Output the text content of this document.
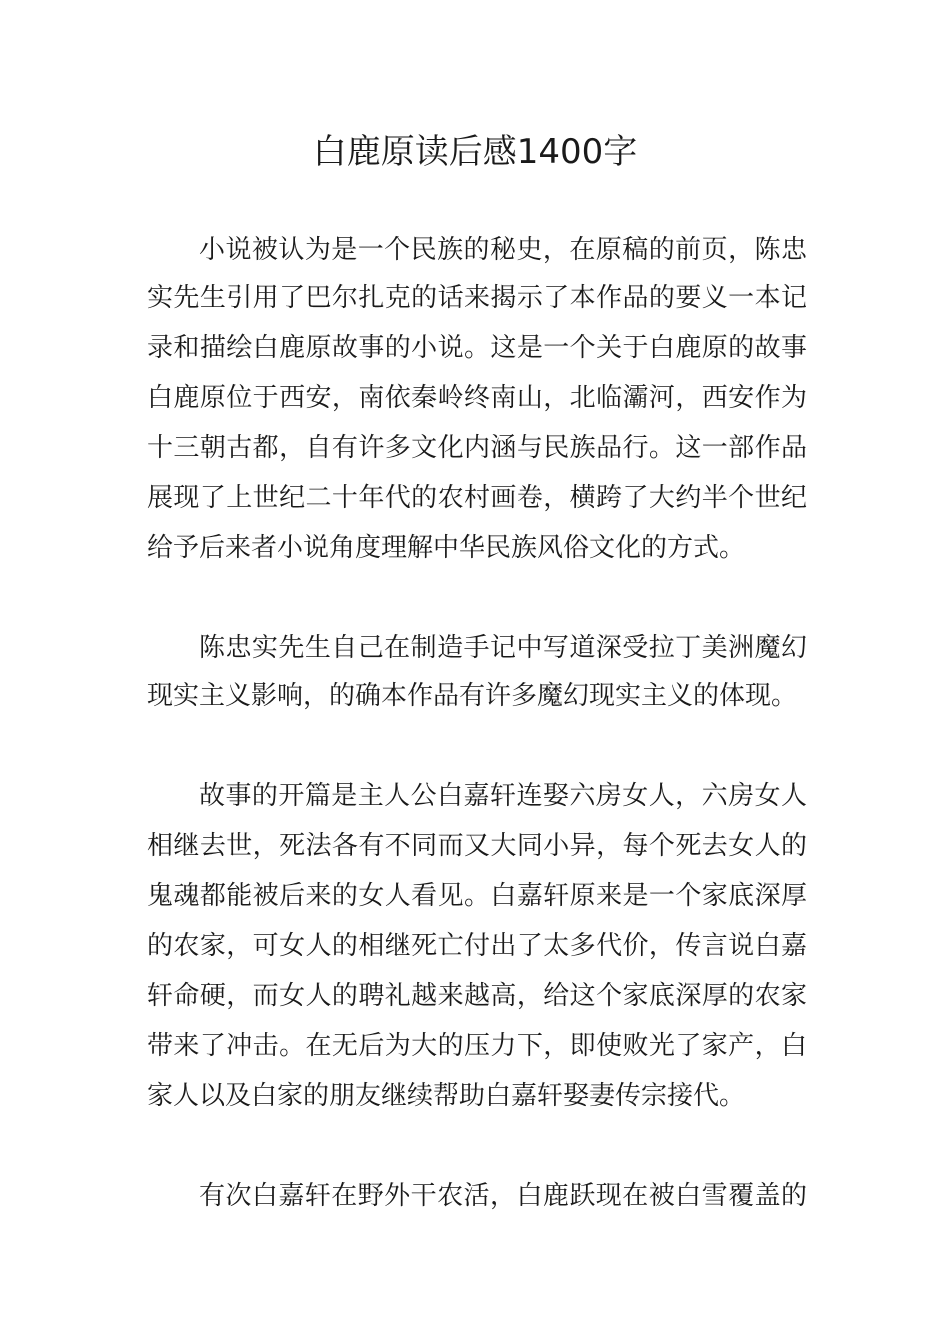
白鹿原读后感1400字

小说被认为是一个民族的秘史，在原稿的前页，陈忠

实先生引用了巴尔扎克的话来揭示了本作品的要义一本记

录和描绘白鹿原故事的小说。这是一个关于白鹿原的故事

白鹿原位于西安，南依秦岭终南山，北临灞河，西安作为

十三朝古都，自有许多文化内涵与民族品行。这一部作品

展现了上世纪二十年代的农村画卷，横跨了大约半个世纪

给予后来者小说角度理解中华民族风俗文化的方式。

陈忠实先生自己在制造手记中写道深受拉丁美洲魔幻

现实主义影响，的确本作品有许多魔幻现实主义的体现。

故事的开篇是主人公白嘉轩连娶六房女人，六房女人

相继去世，死法各有不同而又大同小异，每个死去女人的

鬼魂都能被后来的女人看见。白嘉轩原来是一个家底深厚

的农家，可女人的相继死亡付出了太多代价，传言说白嘉

轩命硬，而女人的聘礼越来越高，给这个家底深厚的农家

带来了冲击。在无后为大的压力下，即使败光了家产，白

家人以及白家的朋友继续帮助白嘉轩娶妻传宗接代。

有次白嘉轩在野外干农活，白鹿跃现在被白雪覆盖的
